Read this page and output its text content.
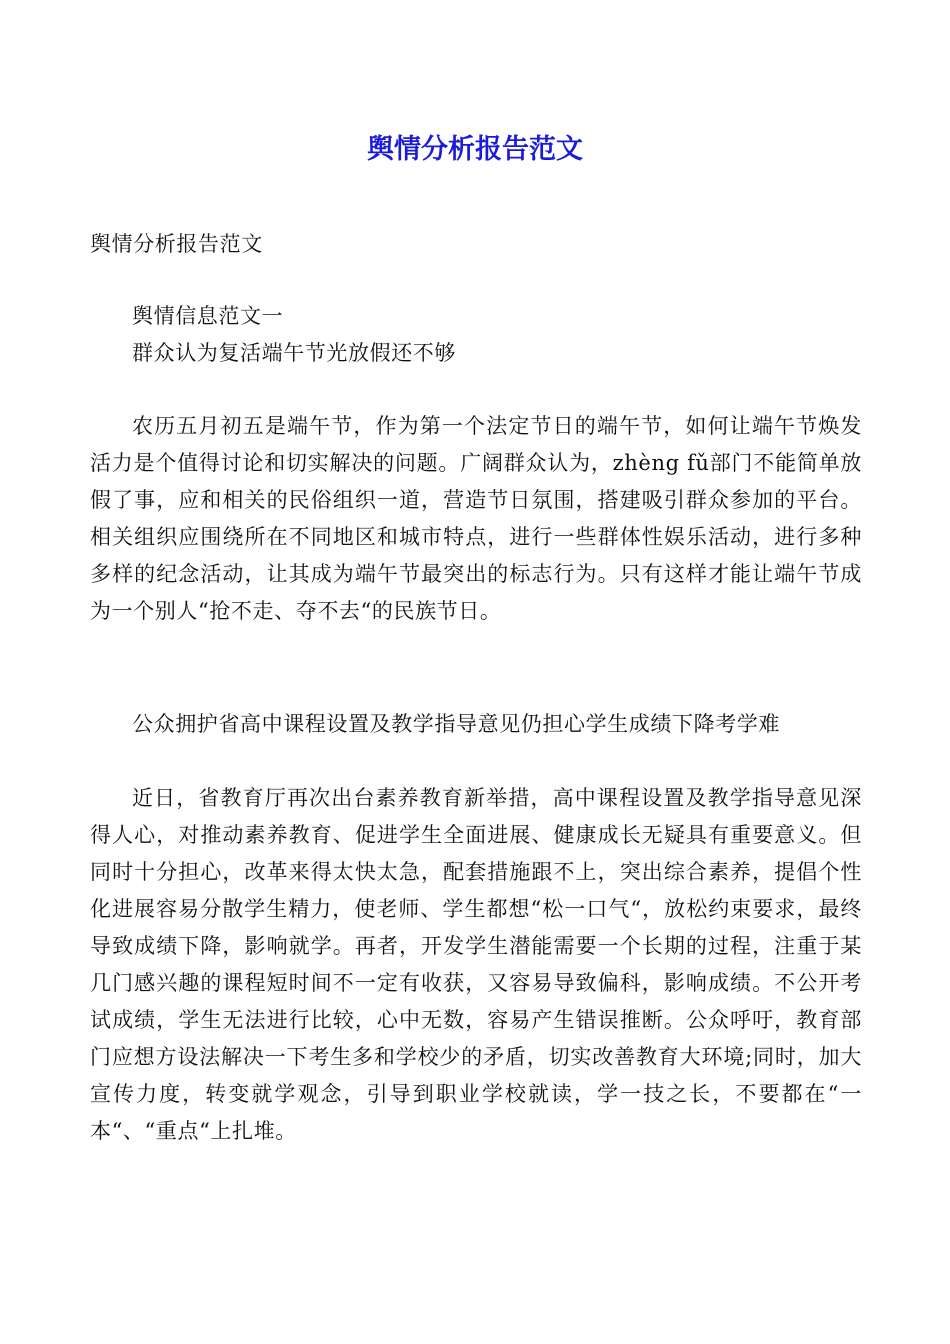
舆情分析报告范文

舆情分析报告范文

舆情信息范文一
群众认为复活端午节光放假还不够

农历五月初五是端午节，作为第一个法定节日的端午节，如何让端午节焕发活力是个值得讨论和切实解决的问题。广阔群众认为，zhèng fǔ部门不能简单放假了事，应和相关的民俗组织一道，营造节日氛围，搭建吸引群众参加的平台。相关组织应围绕所在不同地区和城市特点，进行一些群体性娱乐活动，进行多种多样的纪念活动，让其成为端午节最突出的标志行为。只有这样才能让端午节成为一个别人“抢不走、夺不去“的民族节日。

公众拥护省高中课程设置及教学指导意见仍担心学生成绩下降考学难

近日，省教育厅再次出台素养教育新举措，高中课程设置及教学指导意见深得人心，对推动素养教育、促进学生全面进展、健康成长无疑具有重要意义。但同时十分担心，改革来得太快太急，配套措施跟不上，突出综合素养，提倡个性化进展容易分散学生精力，使老师、学生都想“松一口气“，放松约束要求，最终导致成绩下降，影响就学。再者，开发学生潜能需要一个长期的过程，注重于某几门感兴趣的课程短时间不一定有收获，又容易导致偏科，影响成绩。不公开考试成绩，学生无法进行比较，心中无数，容易产生错误推断。公众呼吁，教育部门应想方设法解决一下考生多和学校少的矛盾，切实改善教育大环境;同时，加大宣传力度，转变就学观念，引导到职业学校就读，学一技之长，不要都在“一本“、“重点“上扎堆。
